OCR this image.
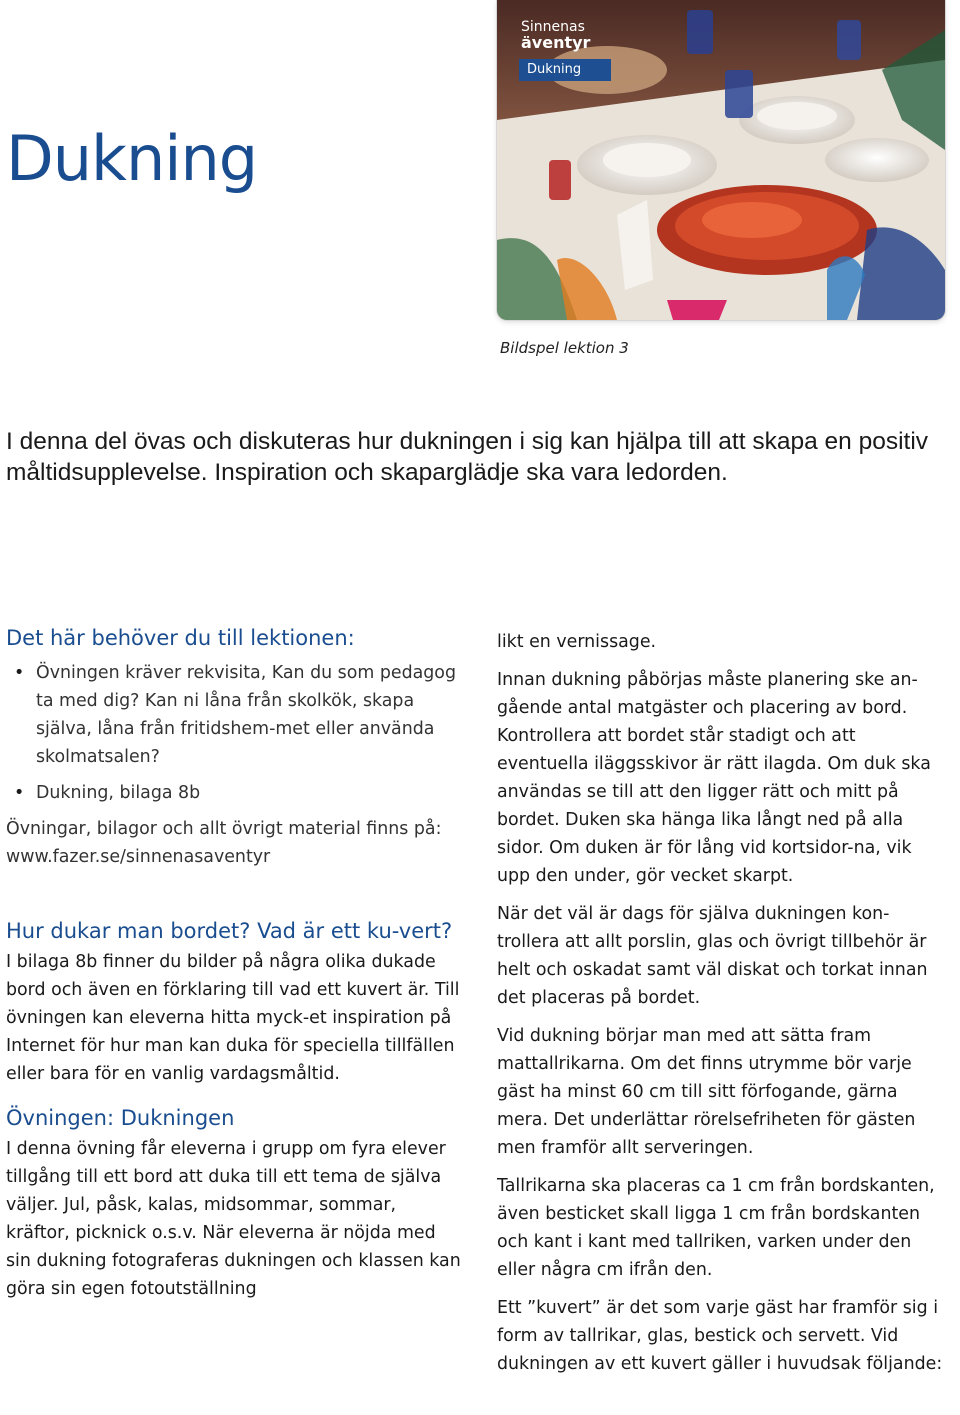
Dukning
Sinnenas
äventyr
Dukning
Bildspel lektion 3

I denna del övas och diskuteras hur dukningen i sig kan hjälpa till att skapa en positiv måltidsupplevelse. Inspiration och skaparglädje ska vara ledorden.

Det här behöver du till lektionen:
• Övningen kräver rekvisita, Kan du som pedagog ta med dig? Kan ni låna från skolkök, skapa själva, låna från fritidshem-met eller använda skolmatsalen?
• Dukning, bilaga 8b

Övningar, bilagor och allt övrigt material finns på: www.fazer.se/sinnenasaventyr

Hur dukar man bordet? Vad är ett ku-vert?

I bilaga 8b finner du bilder på några olika dukade bord och även en förklaring till vad ett kuvert är. Till övningen kan eleverna hitta myck-et inspiration på Internet för hur man kan duka för speciella tillfällen eller bara för en vanlig vardagsmåltid.

Övningen: Dukningen

I denna övning får eleverna i grupp om fyra elever tillgång till ett bord att duka till ett tema de själva väljer. Jul, påsk, kalas, midsommar, sommar, kräftor, picknick o.s.v. När eleverna är nöjda med sin dukning fotograferas dukningen och klassen kan göra sin egen fotoutställning

likt en vernissage.

Innan dukning påbörjas måste planering ske an-gående antal matgäster och placering av bord. Kontrollera att bordet står stadigt och att eventuella iläggsskivor är rätt ilagda. Om duk ska användas se till att den ligger rätt och mitt på bordet. Duken ska hänga lika långt ned på alla sidor. Om duken är för lång vid kortsidor-na, vik upp den under, gör vecket skarpt.

När det väl är dags för själva dukningen kon-trollera att allt porslin, glas och övrigt tillbehör är helt och oskadat samt väl diskat och torkat innan det placeras på bordet.

Vid dukning börjar man med att sätta fram mattallrikarna. Om det finns utrymme bör varje gäst ha minst 60 cm till sitt förfogande, gärna mera. Det underlättar rörelsefriheten för gästen men framför allt serveringen.

Tallrikarna ska placeras ca 1 cm från bordskanten, även besticket skall ligga 1 cm från bordskanten och kant i kant med tallriken, varken under den eller några cm ifrån den.

Ett ”kuvert” är det som varje gäst har framför sig i form av tallrikar, glas, bestick och servett. Vid dukningen av ett kuvert gäller i huvudsak följande:
